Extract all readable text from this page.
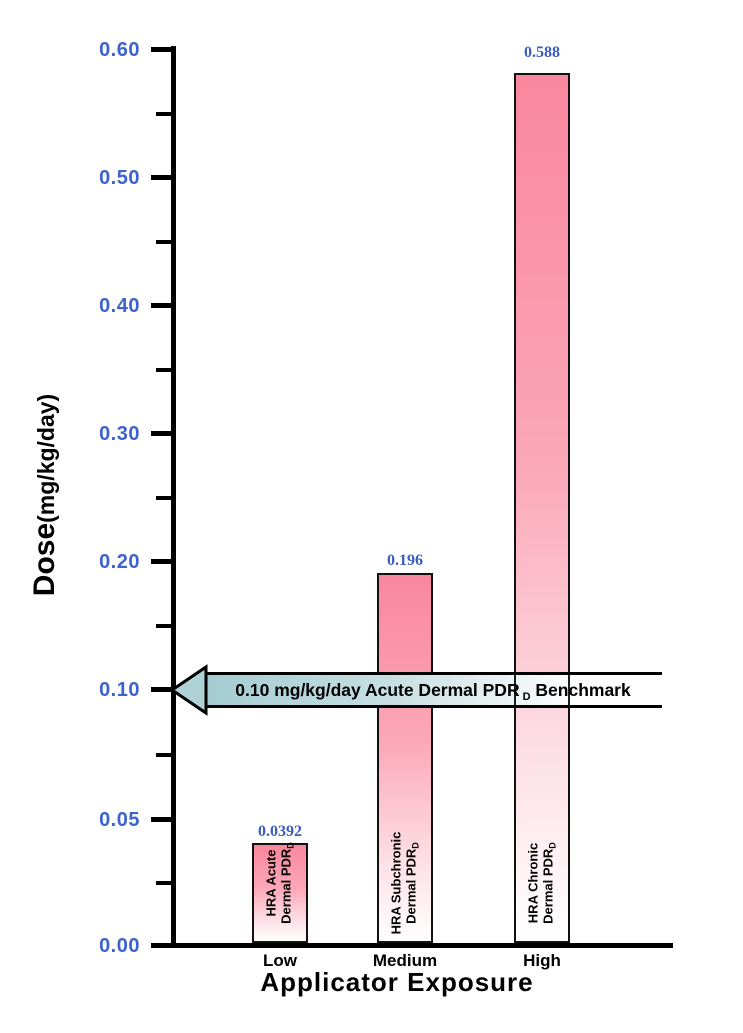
Dose(mg/kg/day)
0.60
0.50
0.40
0.30
0.20
0.10
0.05
0.00
0.0392
0.196
0.588
HRA Acute Dermal $PDR_D$	HRA Subchronic Dermal $PDR_D$	HRA Chronic Dermal $PDR_D$
0.10 mg/kg/day Acute Dermal PDR $_D$ Benchmark
Low	Medium	High
Applicator Exposure
